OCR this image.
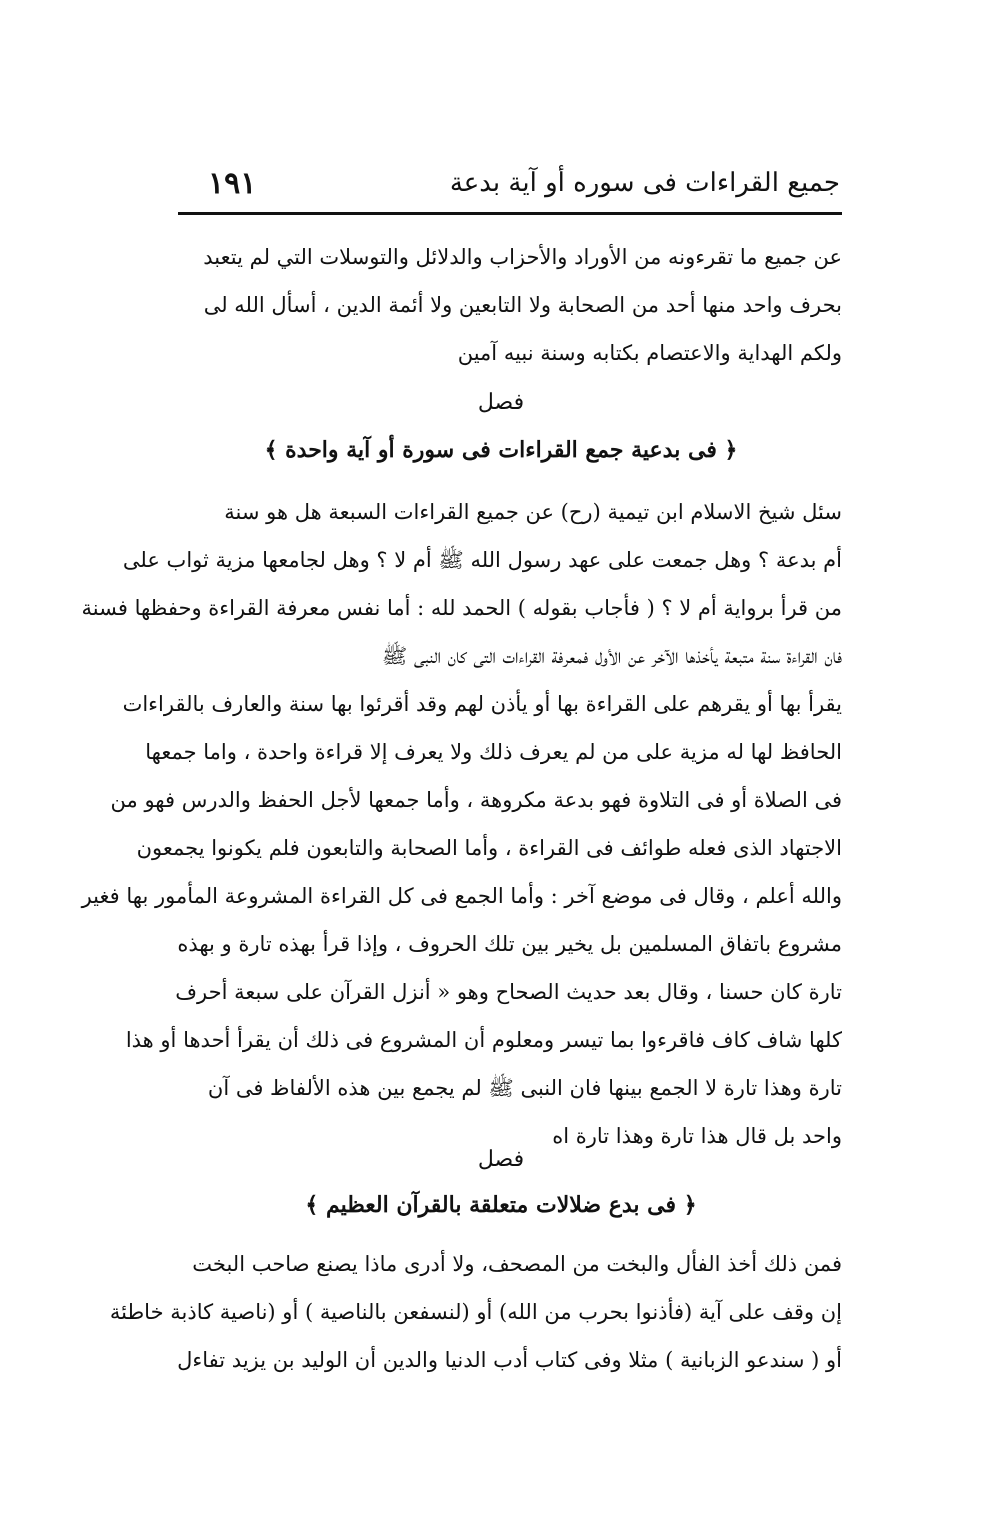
جميع القراءات فى سوره أو آية بدعة
١٩١
عن جميع ما تقرءونه من الأوراد والأحزاب والدلائل والتوسلات التي لم يتعبد
بحرف واحد منها أحد من الصحابة ولا التابعين ولا أئمة الدين ، أسأل الله لى
ولكم الهداية والاعتصام بكتابه وسنة نبيه آمين
فصل
﴿ فى بدعية جمع القراءات فى سورة أو آية واحدة ﴾
سئل شيخ الاسلام ابن تيمية (رح) عن جميع القراءات السبعة هل هو سنة
أم بدعة ؟ وهل جمعت على عهد رسول الله ﷺ أم لا ؟ وهل لجامعها مزية ثواب على
من قرأ برواية أم لا ؟ ( فأجاب بقوله ) الحمد لله : أما نفس معرفة القراءة وحفظها فسنة
فان القراءة سنة متبعة يأخذها الآخر عن الأول فمعرفة القراءات التى كان النبى ﷺ
يقرأ بها أو يقرهم على القراءة بها أو يأذن لهم وقد أقرئوا بها سنة والعارف بالقراءات
الحافظ لها له مزية على من لم يعرف ذلك ولا يعرف إلا قراءة واحدة ، واما جمعها
فى الصلاة أو فى التلاوة فهو بدعة مكروهة ، وأما جمعها لأجل الحفظ والدرس فهو من
الاجتهاد الذى فعله طوائف فى القراءة ، وأما الصحابة والتابعون فلم يكونوا يجمعون
والله أعلم ، وقال فى موضع آخر : وأما الجمع فى كل القراءة المشروعة المأمور بها فغير
مشروع باتفاق المسلمين بل يخير بين تلك الحروف ، وإذا قرأ بهذه تارة و بهذه
تارة كان حسنا ، وقال بعد حديث الصحاح وهو « أنزل القرآن على سبعة أحرف
كلها شاف كاف فاقرءوا بما تيسر ومعلوم أن المشروع فى ذلك أن يقرأ أحدها أو هذا
تارة وهذا تارة لا الجمع بينها فان النبى ﷺ لم يجمع بين هذه الألفاظ فى آن
واحد بل قال هذا تارة وهذا تارة اه
فصل
﴿ فى بدع ضلالات متعلقة بالقرآن العظيم ﴾
فمن ذلك أخذ الفأل والبخت من المصحف، ولا أدرى ماذا يصنع صاحب البخت
إن وقف على آية (فأذنوا بحرب من الله) أو (لنسفعن بالناصية ) أو (ناصية كاذبة خاطئة
أو ( سندعو الزبانية ) مثلا وفى كتاب أدب الدنيا والدين أن الوليد بن يزيد تفاءل
